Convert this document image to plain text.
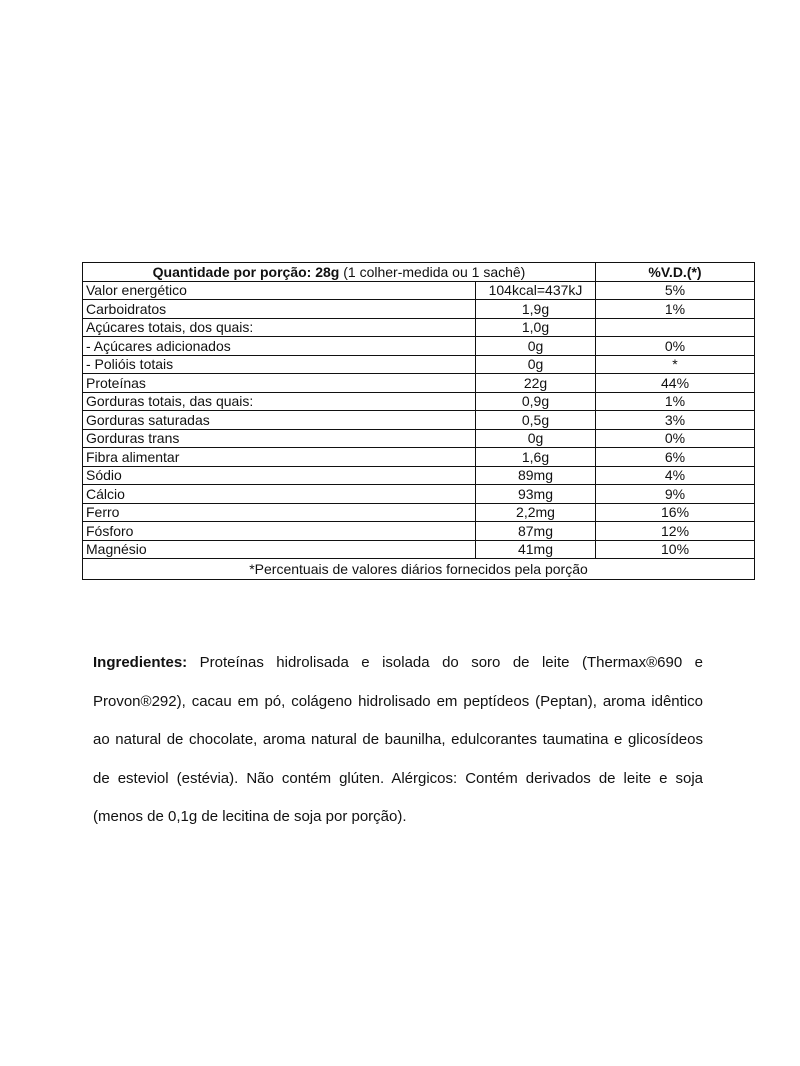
Quantidade por porção: 28g (1 colher-medida ou 1 sachê)		%V.D.(*)
Valor energético	104kcal=437kJ	5%
Carboidratos	1,9g	1%
Açúcares totais, dos quais:	1,0g	
- Açúcares adicionados	0g	0%
- Polióis totais	0g	*
Proteínas	22g	44%
Gorduras totais, das quais:	0,9g	1%
Gorduras saturadas	0,5g	3%
Gorduras trans	0g	0%
Fibra alimentar	1,6g	6%
Sódio	89mg	4%
Cálcio	93mg	9%
Ferro	2,2mg	16%
Fósforo	87mg	12%
Magnésio	41mg	10%
*Percentuais de valores diários fornecidos pela porção		

Ingredientes: Proteínas hidrolisada e isolada do soro de leite (Thermax®690 e Provon®292), cacau em pó, colágeno hidrolisado em peptídeos (Peptan), aroma idêntico ao natural de chocolate, aroma natural de baunilha, edulcorantes taumatina e glicosídeos de esteviol (estévia). Não contém glúten. Alérgicos: Contém derivados de leite e soja (menos de 0,1g de lecitina de soja por porção).
